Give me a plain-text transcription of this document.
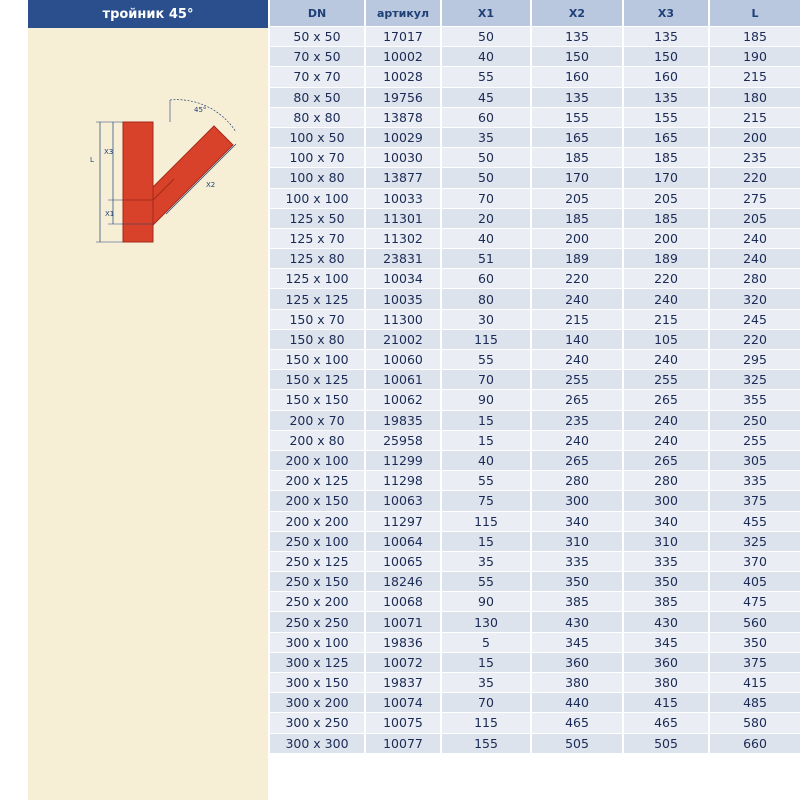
тройник 45°
45°
L
X3
X1
X2
DN	артикул	X1	X2	X3	L
50 x 50	17017	50	135	135	185
70 x 50	10002	40	150	150	190
70 x 70	10028	55	160	160	215
80 x 50	19756	45	135	135	180
80 x 80	13878	60	155	155	215
100 x 50	10029	35	165	165	200
100 x 70	10030	50	185	185	235
100 x 80	13877	50	170	170	220
100 x 100	10033	70	205	205	275
125 x 50	11301	20	185	185	205
125 x 70	11302	40	200	200	240
125 x 80	23831	51	189	189	240
125 x 100	10034	60	220	220	280
125 x 125	10035	80	240	240	320
150 x 70	11300	30	215	215	245
150 x 80	21002	115	140	105	220
150 x 100	10060	55	240	240	295
150 x 125	10061	70	255	255	325
150 x 150	10062	90	265	265	355
200 x 70	19835	15	235	240	250
200 x 80	25958	15	240	240	255
200 x 100	11299	40	265	265	305
200 x 125	11298	55	280	280	335
200 x 150	10063	75	300	300	375
200 x 200	11297	115	340	340	455
250 x 100	10064	15	310	310	325
250 x 125	10065	35	335	335	370
250 x 150	18246	55	350	350	405
250 x 200	10068	90	385	385	475
250 x 250	10071	130	430	430	560
300 x 100	19836	5	345	345	350
300 x 125	10072	15	360	360	375
300 x 150	19837	35	380	380	415
300 x 200	10074	70	440	415	485
300 x 250	10075	115	465	465	580
300 x 300	10077	155	505	505	660
